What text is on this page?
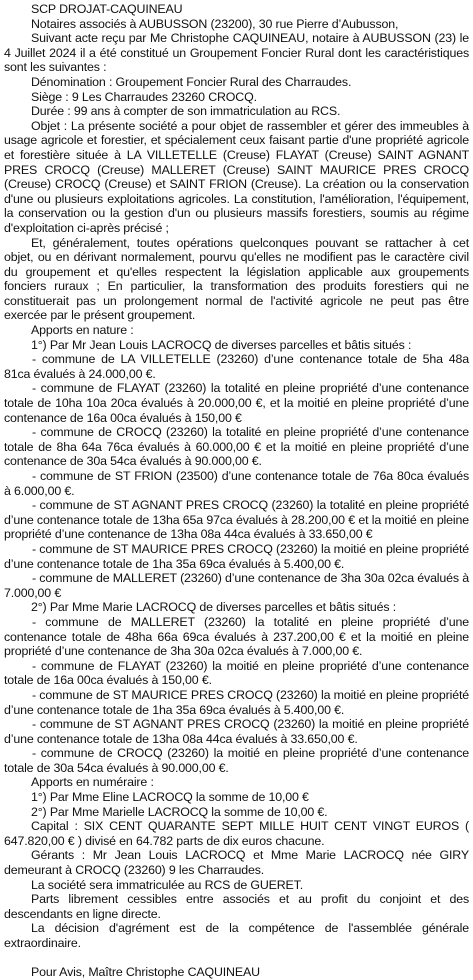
SCP DROJAT-CAQUINEAU

Notaires associés à AUBUSSON (23200), 30 rue Pierre d’Aubusson,

Suivant acte reçu par Me Christophe CAQUINEAU, notaire à AUBUSSON (23) le 4 Juillet 2024 il a été constitué un Groupement Foncier Rural dont les caractéristiques sont les suivantes :

Dénomination : Groupement Foncier Rural des Charraudes.

Siège : 9 Les Charraudes 23260 CROCQ.

Durée : 99 ans à compter de son immatriculation au RCS.

Objet : La présente société a pour objet de rassembler et gérer des immeubles à usage agricole et forestier, et spécialement ceux faisant partie d'une propriété agricole et forestière située à LA VILLETELLE (Creuse) FLAYAT (Creuse) SAINT AGNANT PRES CROCQ (Creuse) MALLERET (Creuse) SAINT MAURICE PRES CROCQ (Creuse) CROCQ (Creuse) et SAINT FRION (Creuse). La création ou la conservation d'une ou plusieurs exploitations agricoles. La constitution, l'amélioration, l'équipement, la conservation ou la gestion d'un ou plusieurs massifs forestiers, soumis au régime d'exploitation ci-après précisé ;

Et, généralement, toutes opérations quelconques pouvant se rattacher à cet objet, ou en dérivant normalement, pourvu qu'elles ne modifient pas le caractère civil du groupement et qu'elles respectent la législation applicable aux groupements fonciers ruraux ; En particulier, la transformation des produits forestiers qui ne constituerait pas un prolongement normal de l'activité agricole ne peut pas être exercée par le présent groupement.

Apports en nature :

1°) Par Mr Jean Louis LACROCQ de diverses parcelles et bâtis situés :

- commune de LA VILLETELLE (23260) d’une contenance totale de 5ha 48a 81ca évalués à 24.000,00 €.

- commune de FLAYAT (23260) la totalité en pleine propriété d’une contenance totale de 10ha 10a 20ca évalués à 20.000,00 €, et la moitié en pleine propriété d’une contenance de 16a 00ca évalués à 150,00 €

- commune de CROCQ (23260) la totalité en pleine propriété d’une contenance totale de 8ha 64a 76ca évalués à 60.000,00 € et la moitié en pleine propriété d’une contenance de 30a 54ca évalués à 90.000,00 €.

- commune de ST FRION (23500) d’une contenance totale de 76a 80ca évalués à 6.000,00 €.

- commune de ST AGNANT PRES CROCQ (23260) la totalité en pleine propriété d’une contenance totale de 13ha 65a 97ca évalués à 28.200,00 € et la moitié en pleine propriété d’une contenance de 13ha 08a 44ca évalués à 33.650,00 €

- commune de ST MAURICE PRES CROCQ (23260) la moitié en pleine propriété d’une contenance totale de 1ha 35a 69ca évalués à 5.400,00 €.

- commune de MALLERET (23260) d’une contenance de 3ha 30a 02ca évalués à 7.000,00 €

2°) Par Mme Marie LACROCQ de diverses parcelles et bâtis situés :

- commune de MALLERET (23260) la totalité en pleine propriété d’une contenance totale de 48ha 66a 69ca évalués à 237.200,00 € et la moitié en pleine propriété d’une contenance de 3ha 30a 02ca évalués à 7.000,00 €.

- commune de FLAYAT (23260) la moitié en pleine propriété d’une contenance totale de 16a 00ca évalués à 150,00 €.

- commune de ST MAURICE PRES CROCQ (23260) la moitié en pleine propriété d’une contenance totale de 1ha 35a 69ca évalués à 5.400,00 €.

- commune de ST AGNANT PRES CROCQ (23260) la moitié en pleine propriété d’une contenance totale de 13ha 08a 44ca évalués à 33.650,00 €.

- commune de CROCQ (23260) la moitié en pleine propriété d’une contenance totale de 30a 54ca évalués à 90.000,00 €.

Apports en numéraire :

1°) Par Mme Eline LACROCQ la somme de 10,00 €

2°) Par Mme Marielle LACROCQ la somme de 10,00 €.

Capital : SIX CENT QUARANTE SEPT MILLE HUIT CENT VINGT EUROS ( 647.820,00 € ) divisé en 64.782 parts de dix euros chacune.

Gérants : Mr Jean Louis LACROCQ et Mme Marie LACROCQ née GIRY demeurant à CROCQ (23260) 9 les Charraudes.

La société sera immatriculée au RCS de GUERET.

Parts librement cessibles entre associés et au profit du conjoint et des descendants en ligne directe.

La décision d'agrément est de la compétence de l'assemblée générale extraordinaire.

Pour Avis, Maître Christophe CAQUINEAU
